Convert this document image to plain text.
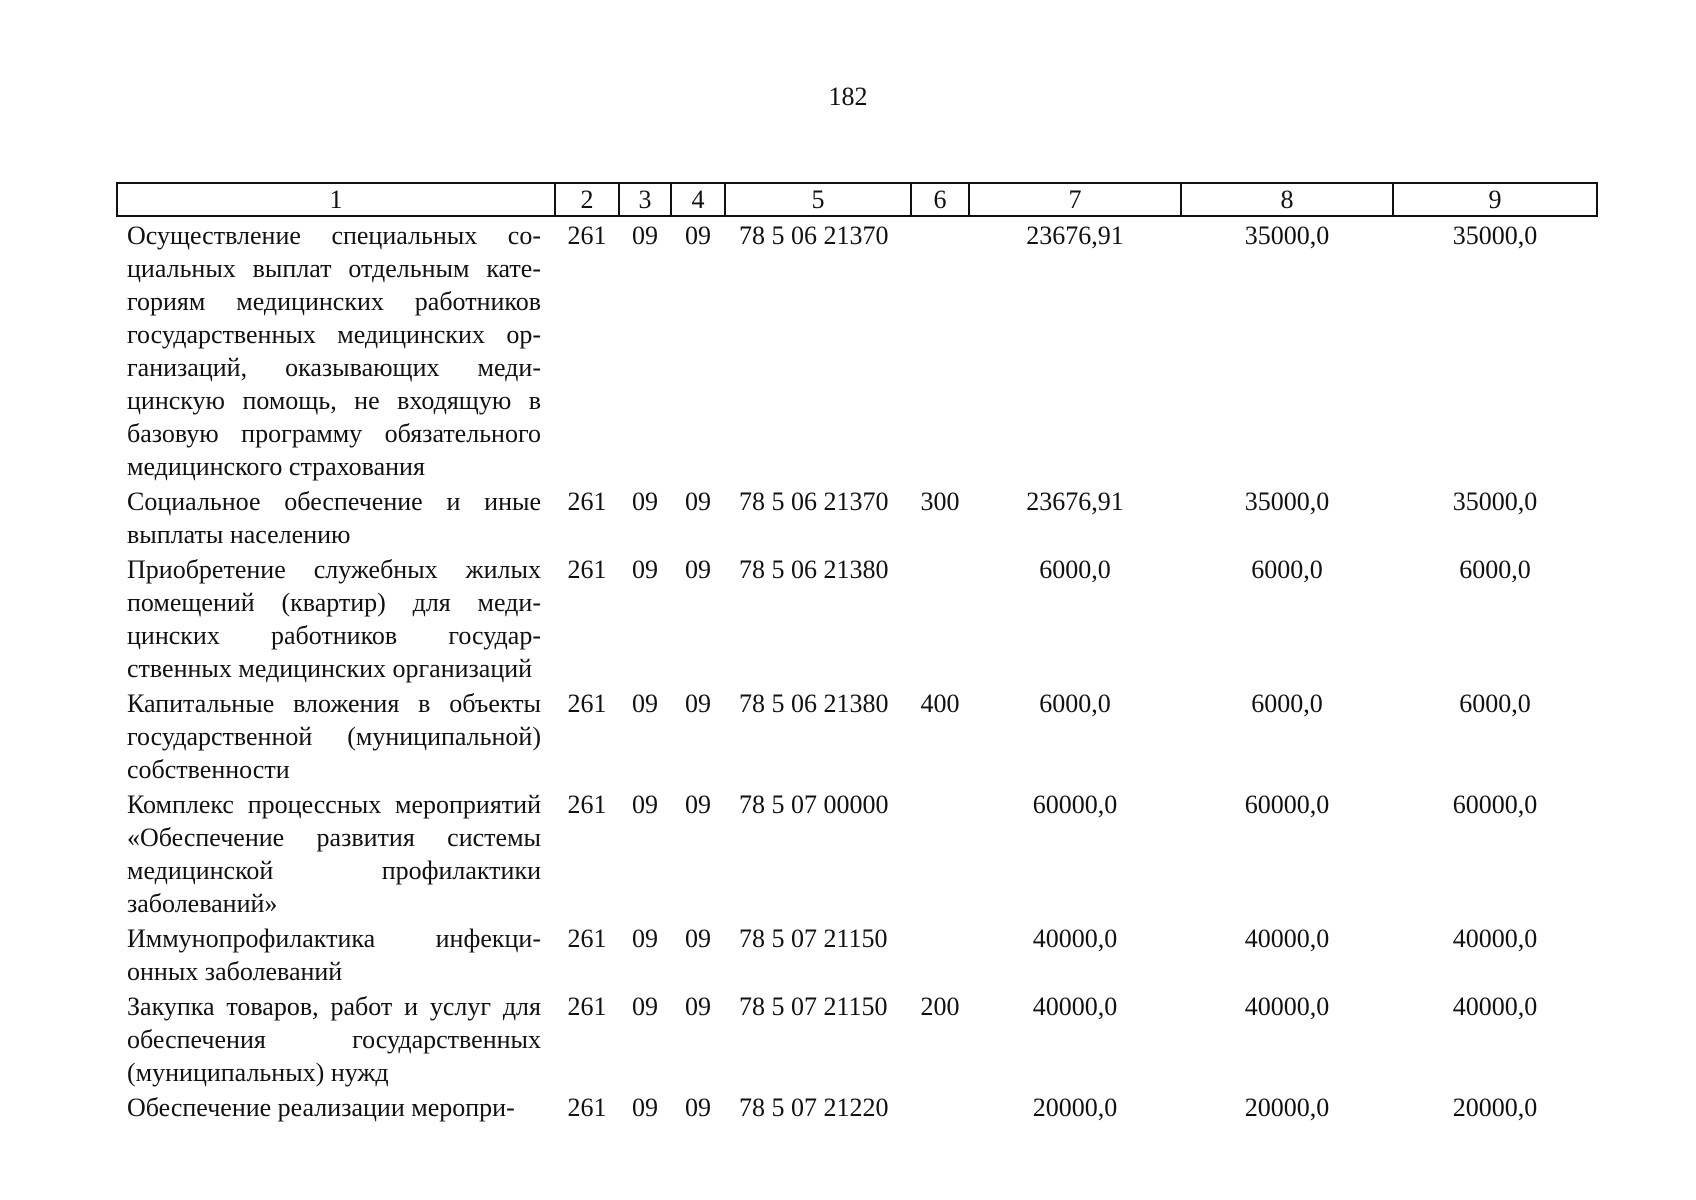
182
1	2	3	4	5	6	7	8	9
Осуществление специальных социальных выплат отдельным категориям медицинских работников государственных медицинских организаций, оказывающих медицинскую помощь, не входящую в базовую программу обязательного медицинского страхования	261	09	09	78 5 06 21370		23676,91	35000,0	35000,0
Социальное обеспечение и иные выплаты населению	261	09	09	78 5 06 21370	300	23676,91	35000,0	35000,0
Приобретение служебных жилых помещений (квартир) для медицинских работников государственных медицинских организаций	261	09	09	78 5 06 21380		6000,0	6000,0	6000,0
Капитальные вложения в объекты государственной (муниципальной) собственности	261	09	09	78 5 06 21380	400	6000,0	6000,0	6000,0
Комплекс процессных мероприятий «Обеспечение развития системы медицинской профилактики заболеваний»	261	09	09	78 5 07 00000		60000,0	60000,0	60000,0
Иммунопрофилактика инфекционных заболеваний	261	09	09	78 5 07 21150		40000,0	40000,0	40000,0
Закупка товаров, работ и услуг для обеспечения государственных (муниципальных) нужд	261	09	09	78 5 07 21150	200	40000,0	40000,0	40000,0
Обеспечение реализации меропри-	261	09	09	78 5 07 21220		20000,0	20000,0	20000,0
